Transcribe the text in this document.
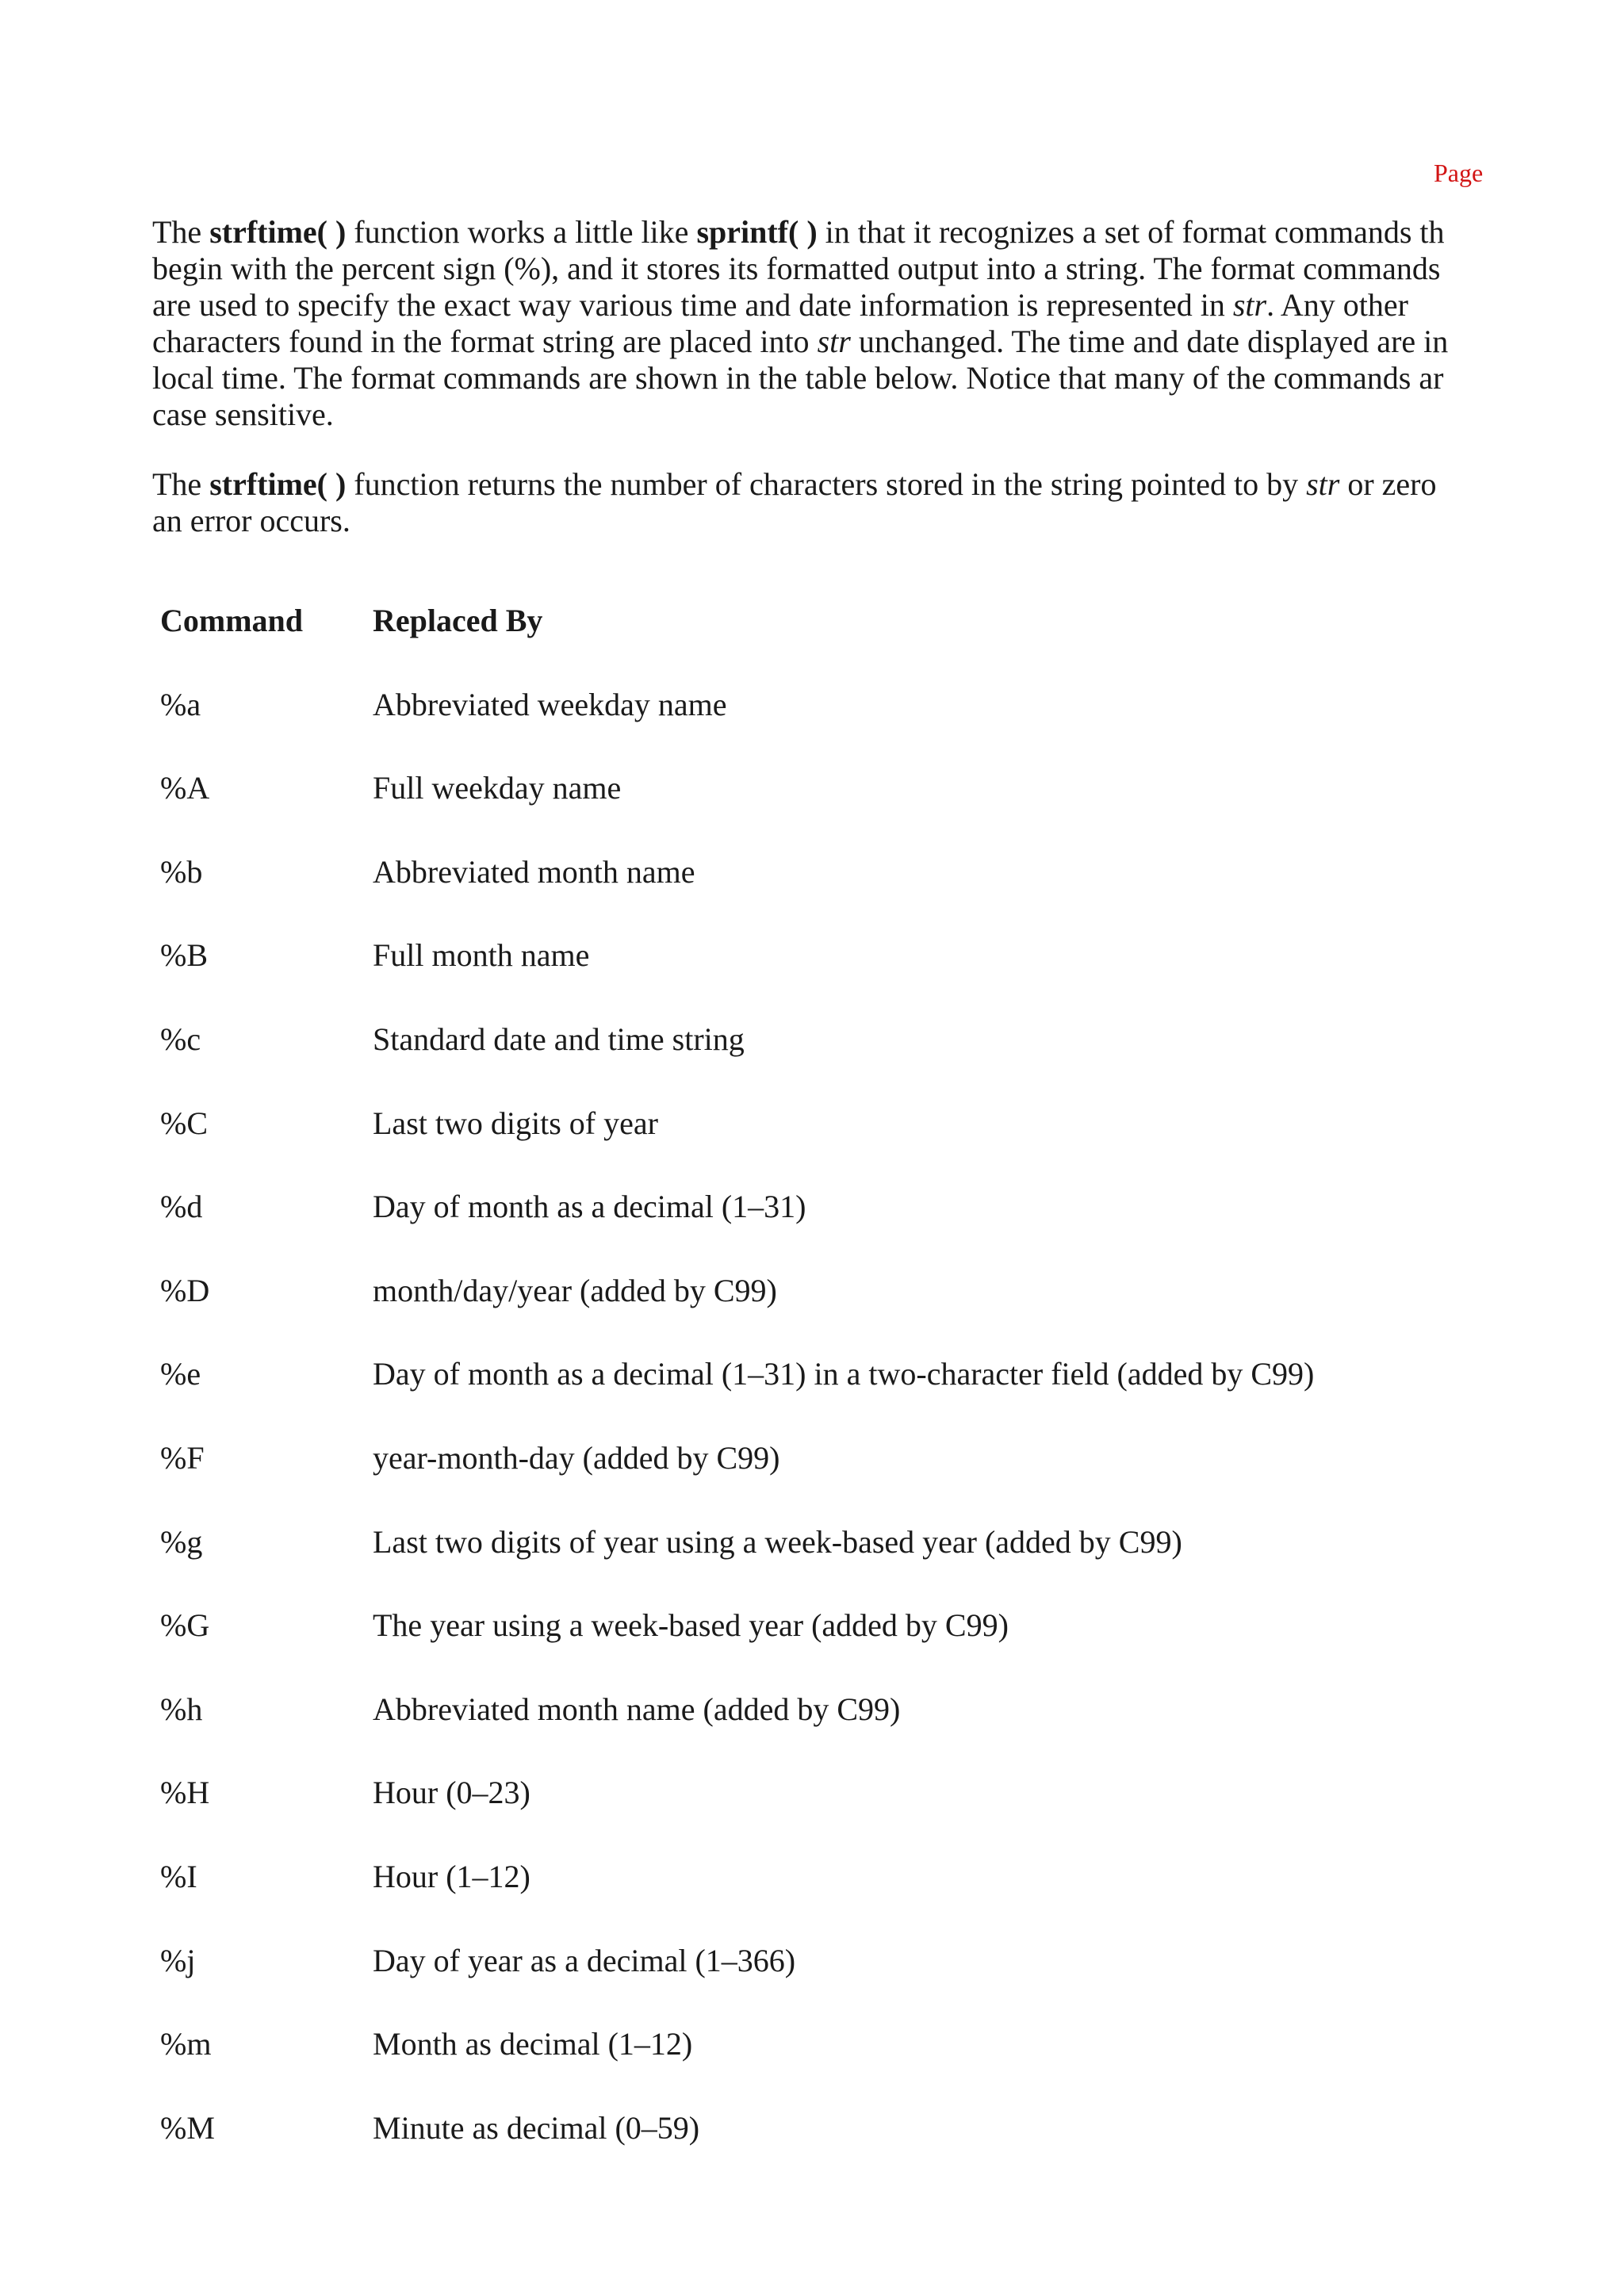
Page

The strftime( ) function works a little like sprintf( ) in that it recognizes a set of format commands th
begin with the percent sign (%), and it stores its formatted output into a string. The format commands
are used to specify the exact way various time and date information is represented in str. Any other
characters found in the format string are placed into str unchanged. The time and date displayed are in
local time. The format commands are shown in the table below. Notice that many of the commands ar
case sensitive.

The strftime( ) function returns the number of characters stored in the string pointed to by str or zero
an error occurs.

Command Replaced By
%a	Abbreviated weekday name
%A	Full weekday name
%b	Abbreviated month name
%B	Full month name
%c	Standard date and time string
%C	Last two digits of year
%d	Day of month as a decimal (1–31)
%D	month/day/year (added by C99)
%e	Day of month as a decimal (1–31) in a two-character field (added by C99)
%F	year-month-day (added by C99)
%g	Last two digits of year using a week-based year (added by C99)
%G	The year using a week-based year (added by C99)
%h	Abbreviated month name (added by C99)
%H	Hour (0–23)
%I	Hour (1–12)
%j	Day of year as a decimal (1–366)
%m	Month as decimal (1–12)
%M	Minute as decimal (0–59)
